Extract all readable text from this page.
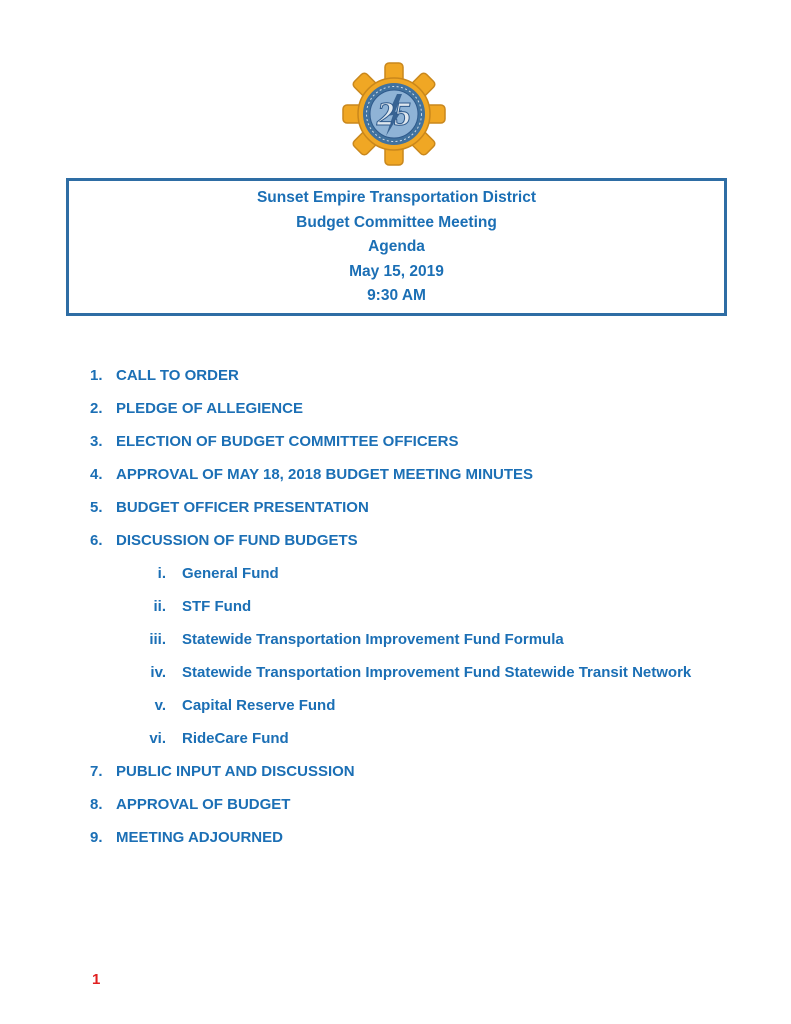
25
Sunset Empire Transportation District
Budget Committee Meeting
Agenda
May 15, 2019
9:30 AM
1. CALL TO ORDER
2. PLEDGE OF ALLEGIENCE
3. ELECTION OF BUDGET COMMITTEE OFFICERS
4. APPROVAL OF MAY 18, 2018 BUDGET MEETING MINUTES
5. BUDGET OFFICER PRESENTATION
6. DISCUSSION OF FUND BUDGETS
i. General Fund
ii. STF Fund
iii. Statewide Transportation Improvement Fund Formula
iv. Statewide Transportation Improvement Fund Statewide Transit Network
v. Capital Reserve Fund
vi. RideCare Fund
7. PUBLIC INPUT AND DISCUSSION
8. APPROVAL OF BUDGET
9. MEETING ADJOURNED
1
